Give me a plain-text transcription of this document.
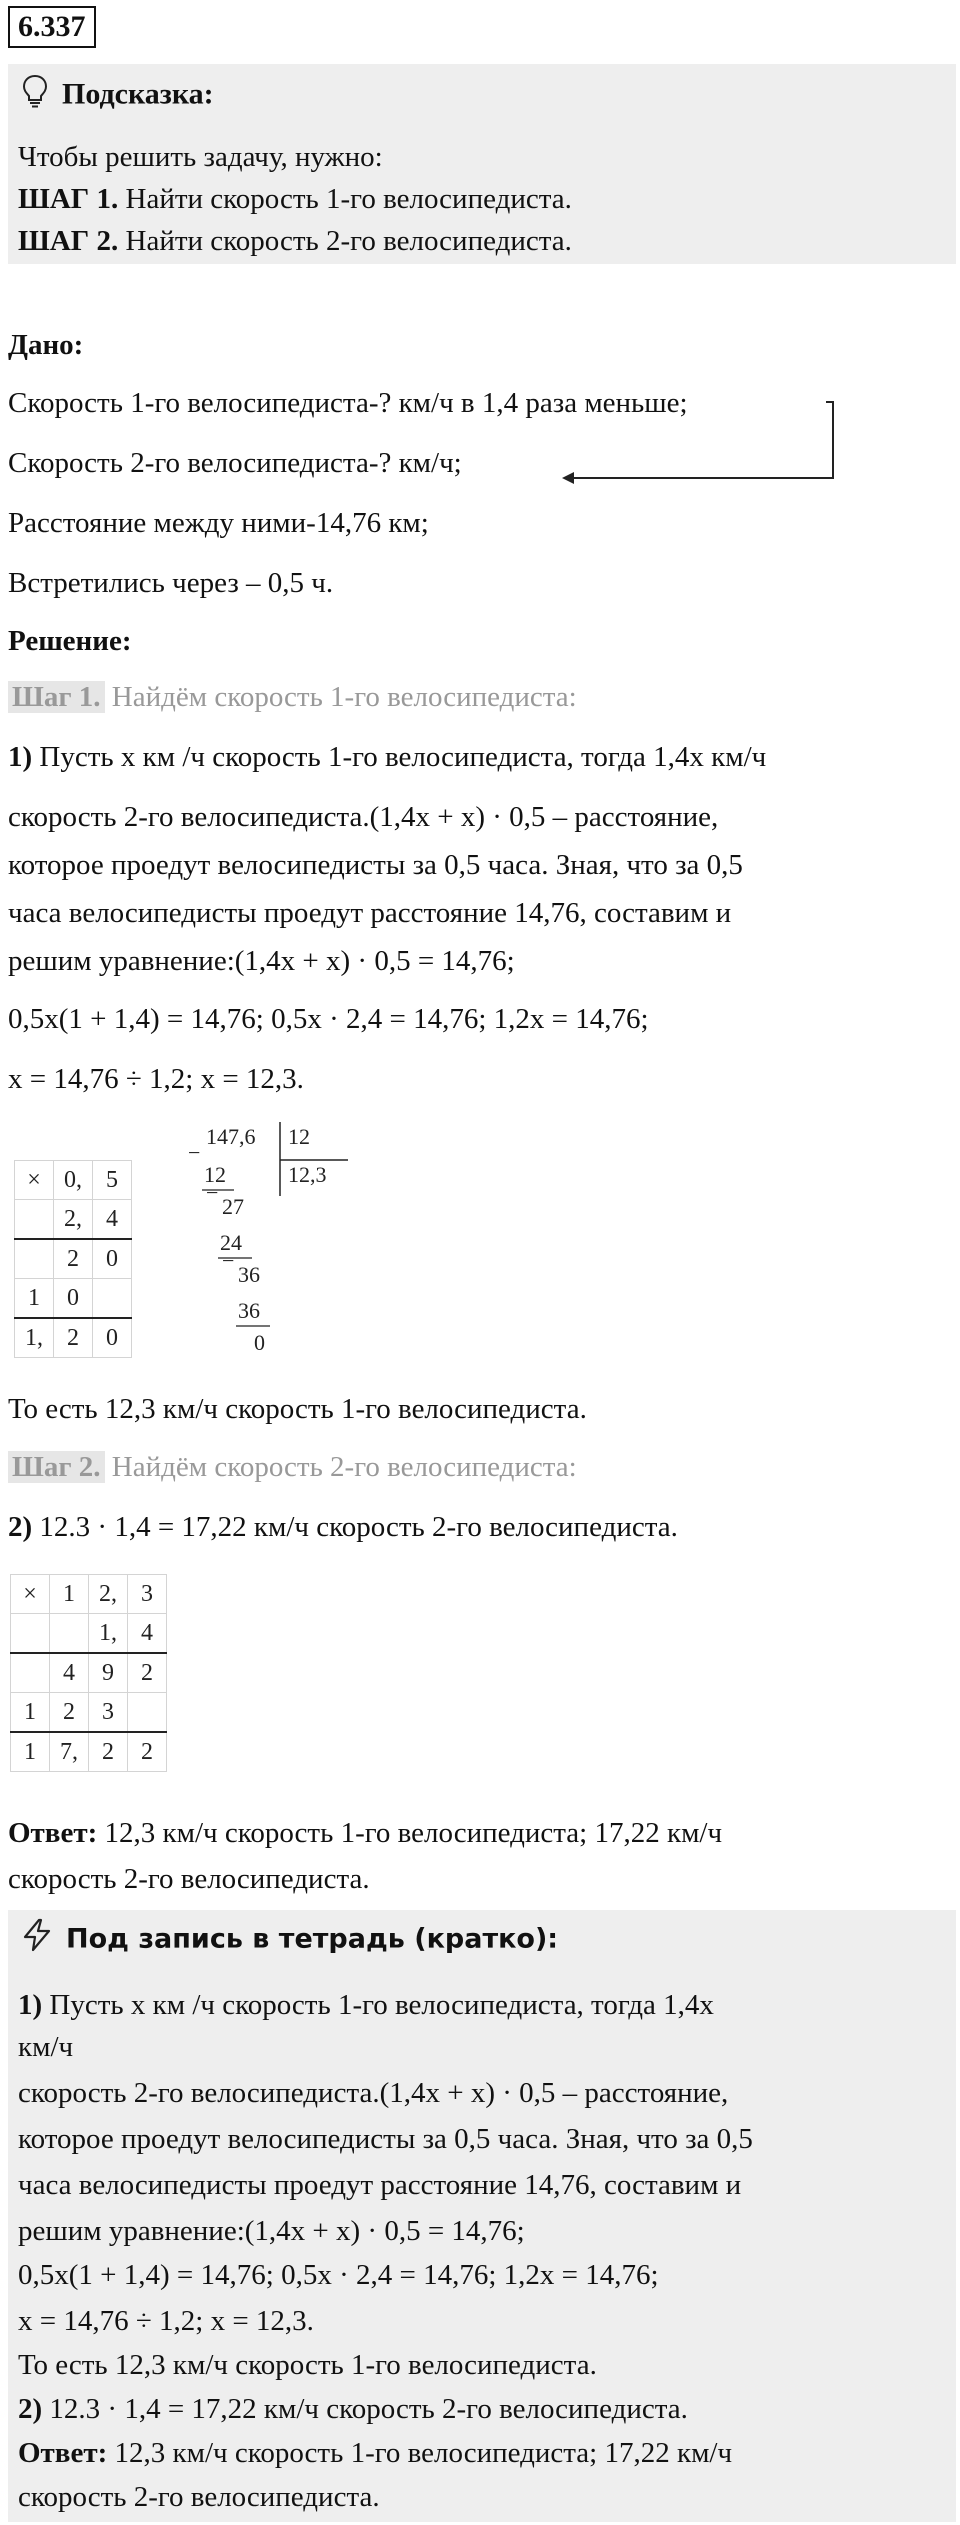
6.337
Подсказка:
Чтобы решить задачу, нужно:
ШАГ 1. Найти скорость 1-го велосипедиста.
ШАГ 2. Найти скорость 2-го велосипедиста.
Дано:
Скорость 1-го велосипедиста-? км/ч в 1,4 раза меньше;
Скорость 2-го велосипедиста-? км/ч;
Расстояние между ними-14,76 км;
Встретились через – 0,5 ч.
Решение:
Шаг 1. Найдём скорость 1-го велосипедиста:
1) Пусть x км /ч скорость 1-го велосипедиста, тогда 1,4x км/ч
скорость 2-го велосипедиста.(1,4x + x) · 0,5 – расстояние,
которое проедут велосипедисты за 0,5 часа. Зная, что за 0,5
часа велосипедисты проедут расстояние 14,76, составим и
решим уравнение:(1,4x + x) · 0,5 = 14,76;
0,5x(1 + 1,4) = 14,76; 0,5x · 2,4 = 14,76; 1,2x = 14,76;
x = 14,76 ÷ 1,2; x = 12,3.
×	0,	5
	2,	4
	2	0
1	0	
1,	2	0
−
147,6 12
12,3
12
−
27
24
−
36
36
0
То есть 12,3 км/ч скорость 1-го велосипедиста.
Шаг 2. Найдём скорость 2-го велосипедиста:
2) 12.3 · 1,4 = 17,22 км/ч скорость 2-го велосипедиста.
×	1	2,	3
		1,	4
	4	9	2
1	2	3	
1	7,	2	2
Ответ: 12,3 км/ч скорость 1-го велосипедиста; 17,22 км/ч
скорость 2-го велосипедиста.
Под запись в тетрадь (кратко):
1) Пусть x км /ч скорость 1-го велосипедиста, тогда 1,4x
км/ч
скорость 2-го велосипедиста.(1,4x + x) · 0,5 – расстояние,
которое проедут велосипедисты за 0,5 часа. Зная, что за 0,5
часа велосипедисты проедут расстояние 14,76, составим и
решим уравнение:(1,4x + x) · 0,5 = 14,76;
0,5x(1 + 1,4) = 14,76; 0,5x · 2,4 = 14,76; 1,2x = 14,76;
x = 14,76 ÷ 1,2; x = 12,3.
То есть 12,3 км/ч скорость 1-го велосипедиста.
2) 12.3 · 1,4 = 17,22 км/ч скорость 2-го велосипедиста.
Ответ: 12,3 км/ч скорость 1-го велосипедиста; 17,22 км/ч
скорость 2-го велосипедиста.
